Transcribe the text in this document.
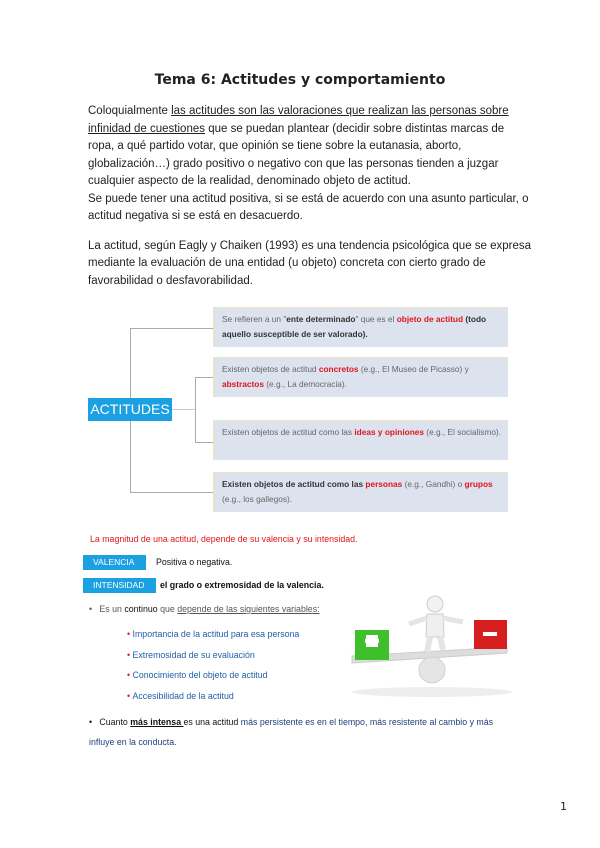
Tema 6: Actitudes y comportamiento

Coloquialmente las actitudes son las valoraciones que realizan las personas sobre infinidad de cuestiones que se puedan plantear (decidir sobre distintas marcas de ropa, a qué partido votar, que opinión se tiene sobre la eutanasia, aborto, globalización…) grado positivo o negativo con que las personas tienden a juzgar cualquier aspecto de la realidad, denominado objeto de actitud.
Se puede tener una actitud positiva, si se está de acuerdo con una asunto particular, o actitud negativa si se está en desacuerdo.

La actitud, según Eagly y Chaiken (1993) es una tendencia psicológica que se expresa mediante la evaluación de una entidad (u objeto) concreta con cierto grado de favorabilidad o desfavorabilidad.

ACTITUDES
Se refieren a un "ente determinado" que es el objeto de actitud (todo aquello susceptible de ser valorado).
Existen objetos de actitud concretos (e.g., El Museo de Picasso) y abstractos (e.g., La democracia).
Existen objetos de actitud como las ideas y opiniones (e.g., El socialismo).
Existen objetos de actitud como las personas (e.g., Gandhi) o grupos (e.g., los gallegos).
La magnitud de una actitud, depende de su valencia y su intensidad.
VALENCIA	Positiva o negativa.
INTENSIDAD	el grado o extremosidad de la valencia.
•   Es un continuo que depende de las siguientes variables:
• Importancia de la actitud para esa persona
• Extremosidad de su evaluación
• Conocimiento del objeto de actitud
• Accesibilidad de la actitud
•   Cuanto más intensa es una actitud más persistente es en el tiempo, más resistente al cambio y más influye en la conducta.
1
